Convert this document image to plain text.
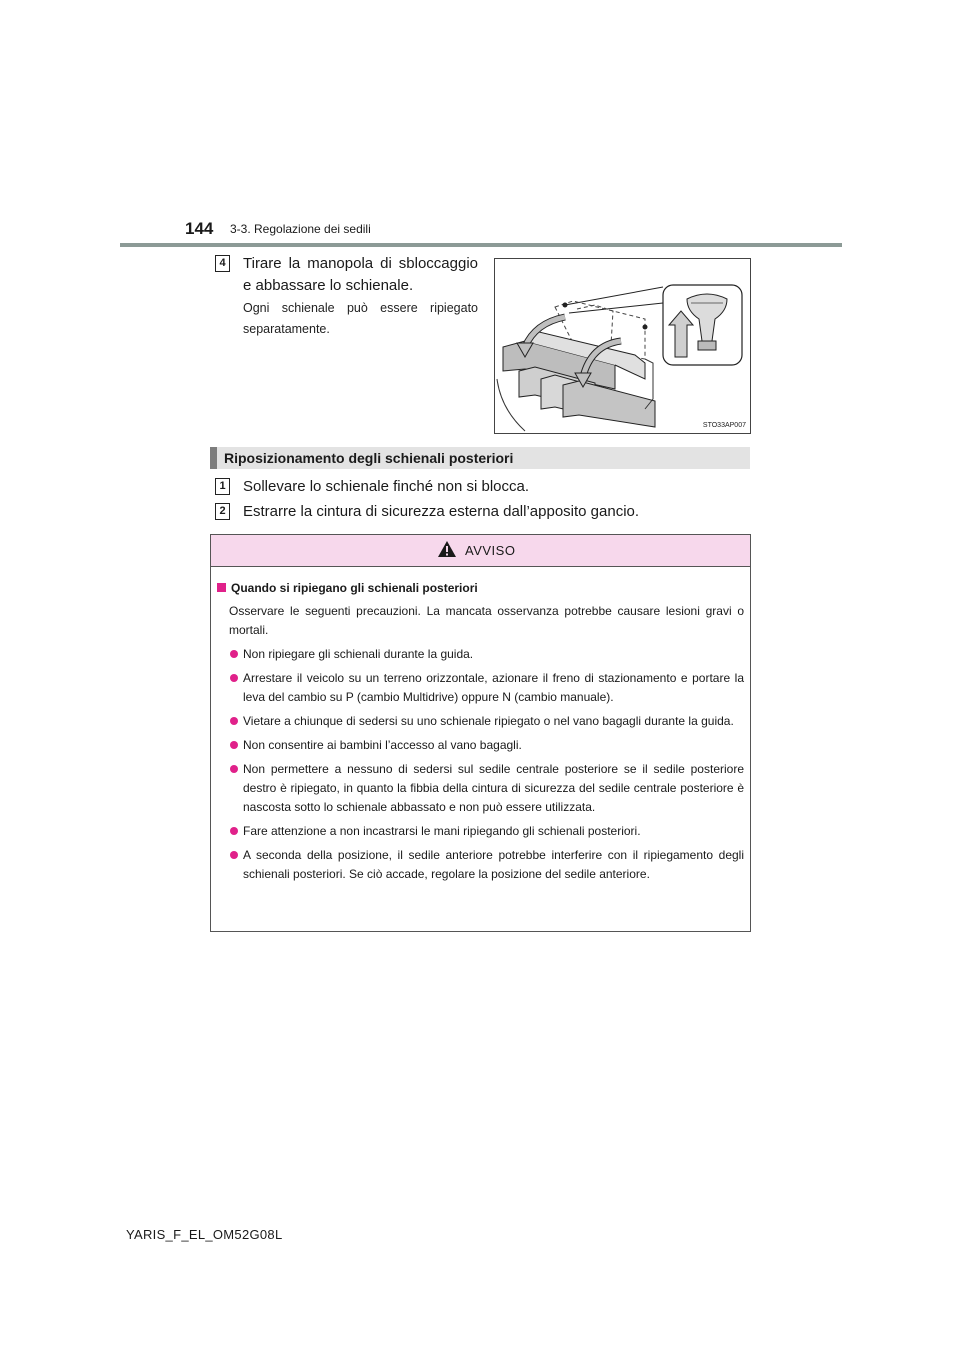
144 3-3. Regolazione dei sedili
4 Tirare la manopola di sbloccaggio e abbassare lo schienale.
Ogni schienale può essere ripiegato separatamente.
STO33AP007
Riposizionamento degli schienali posteriori
1 Sollevare lo schienale finché non si blocca.
2 Estrarre la cintura di sicurezza esterna dall’apposito gancio.
AVVISO
Quando si ripiegano gli schienali posteriori
Osservare le seguenti precauzioni. La mancata osservanza potrebbe causare lesioni gravi o mortali.
Non ripiegare gli schienali durante la guida.
Arrestare il veicolo su un terreno orizzontale, azionare il freno di stazionamento e portare la leva del cambio su P (cambio Multidrive) oppure N (cambio manuale).
Vietare a chiunque di sedersi su uno schienale ripiegato o nel vano bagagli durante la guida.
Non consentire ai bambini l’accesso al vano bagagli.
Non permettere a nessuno di sedersi sul sedile centrale posteriore se il sedile posteriore destro è ripiegato, in quanto la fibbia della cintura di sicurezza del sedile centrale posteriore è nascosta sotto lo schienale abbassato e non può essere utilizzata.
Fare attenzione a non incastrarsi le mani ripiegando gli schienali posteriori.
A seconda della posizione, il sedile anteriore potrebbe interferire con il ripiegamento degli schienali posteriori. Se ciò accade, regolare la posizione del sedile anteriore.
YARIS_F_EL_OM52G08L
